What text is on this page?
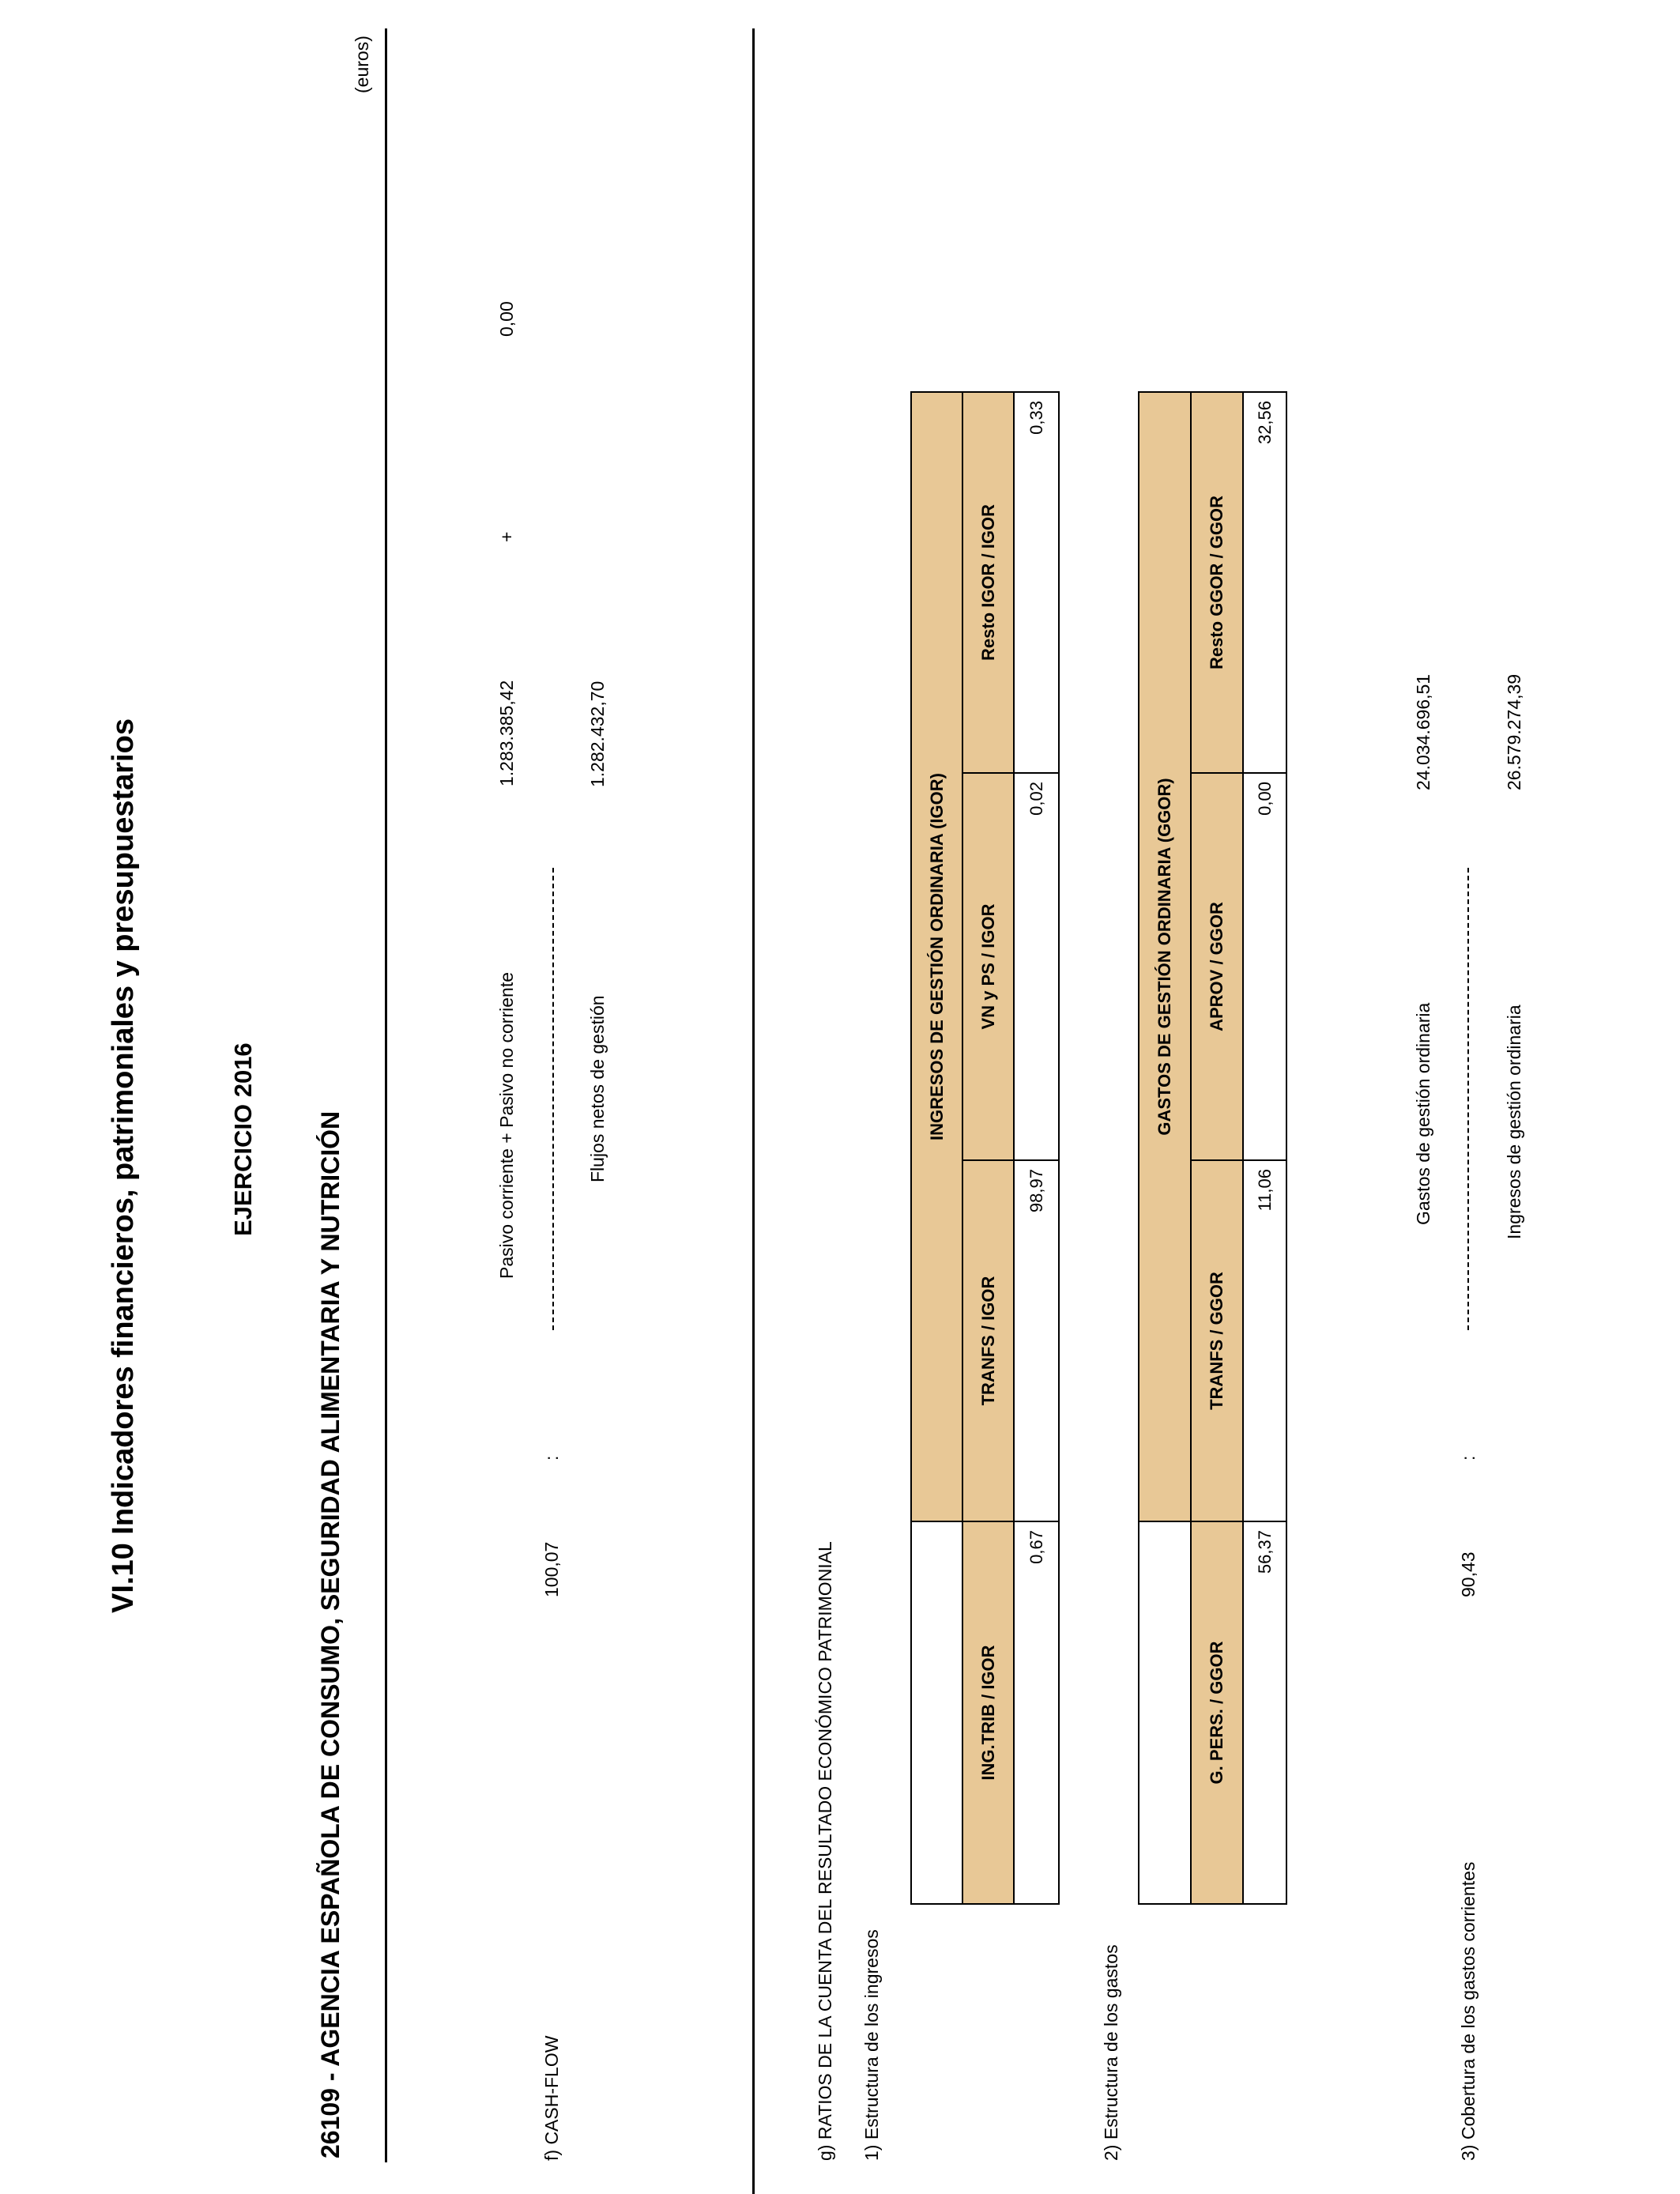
VI.10 Indicadores financieros, patrimoniales y presupuestarios	EJERCICIO 2016 26109 - AGENCIA ESPAÑOLA DE CONSUMO, SEGURIDAD ALIMENTARIA Y NUTRICIÓN
(euros)
f) CASH-FLOW
100,07
:
Pasivo corriente + Pasivo no corriente
1.283.385,42
+
0,00
Flujos netos de gestión
1.282.432,70
g) RATIOS DE LA CUENTA DEL RESULTADO ECONÓMICO PATRIMONIAL 1) Estructura de los ingresos
	INGRESOS DE GESTIÓN ORDINARIA (IGOR)		
ING.TRIB / IGOR	TRANFS / IGOR	VN y PS / IGOR	Resto IGOR / IGOR
0,67	98,97	0,02	0,33
2) Estructura de los gastos
	GASTOS DE GESTIÓN ORDINARIA (GGOR)		
G. PERS. / GGOR	TRANFS / GGOR	APROV / GGOR	Resto GGOR / GGOR
56,37	11,06	0,00	32,56
3) Cobertura de los gastos corrientes
90,43
:
Gastos de gestión ordinaria
24.034.696,51
Ingresos de gestión ordinaria
26.579.274,39
